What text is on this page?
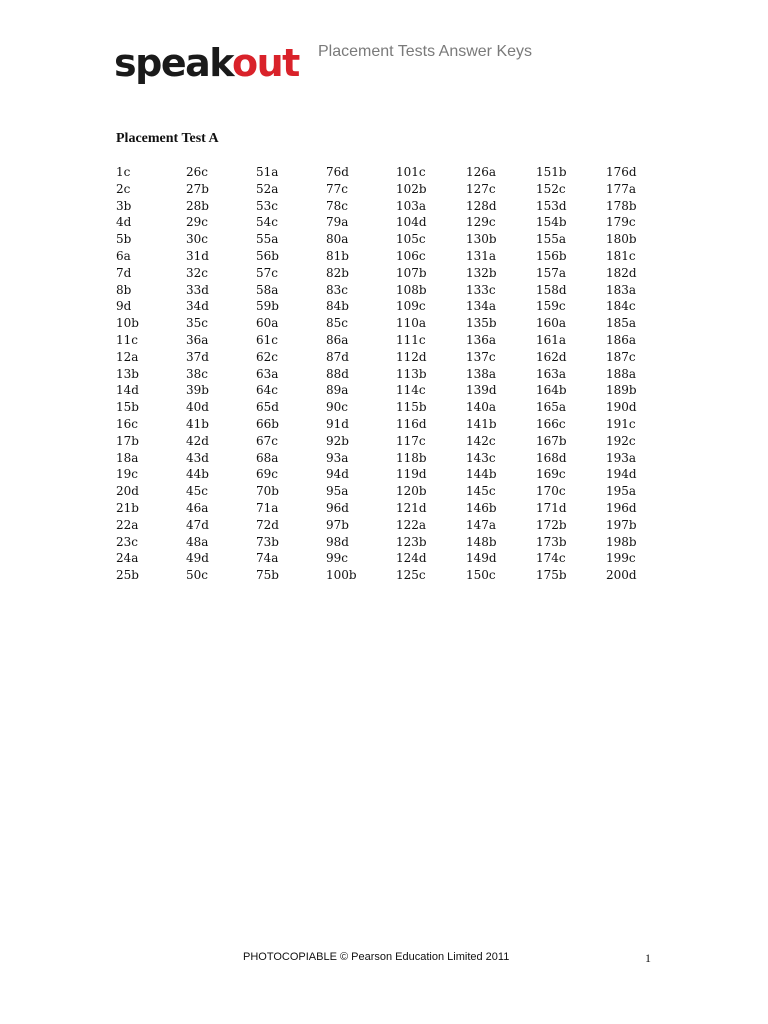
speakout Placement Tests Answer Keys
Placement Test A
1c
2c
3b
4d
5b
6a
7d
8b
9d
10b
11c
12a
13b
14d
15b
16c
17b
18a
19c
20d
21b
22a
23c
24a
25b
26c
27b
28b
29c
30c
31d
32c
33d
34d
35c
36a
37d
38c
39b
40d
41b
42d
43d
44b
45c
46a
47d
48a
49d
50c
51a
52a
53c
54c
55a
56b
57c
58a
59b
60a
61c
62c
63a
64c
65d
66b
67c
68a
69c
70b
71a
72d
73b
74a
75b
76d
77c
78c
79a
80a
81b
82b
83c
84b
85c
86a
87d
88d
89a
90c
91d
92b
93a
94d
95a
96d
97b
98d
99c
100b
101c
102b
103a
104d
105c
106c
107b
108b
109c
110a
111c
112d
113b
114c
115b
116d
117c
118b
119d
120b
121d
122a
123b
124d
125c
126a
127c
128d
129c
130b
131a
132b
133c
134a
135b
136a
137c
138a
139d
140a
141b
142c
143c
144b
145c
146b
147a
148b
149d
150c
151b
152c
153d
154b
155a
156b
157a
158d
159c
160a
161a
162d
163a
164b
165a
166c
167b
168d
169c
170c
171d
172b
173b
174c
175b
176d
177a
178b
179c
180b
181c
182d
183a
184c
185a
186a
187c
188a
189b
190d
191c
192c
193a
194d
195a
196d
197b
198b
199c
200d
PHOTOCOPIABLE © Pearson Education Limited 2011	1
